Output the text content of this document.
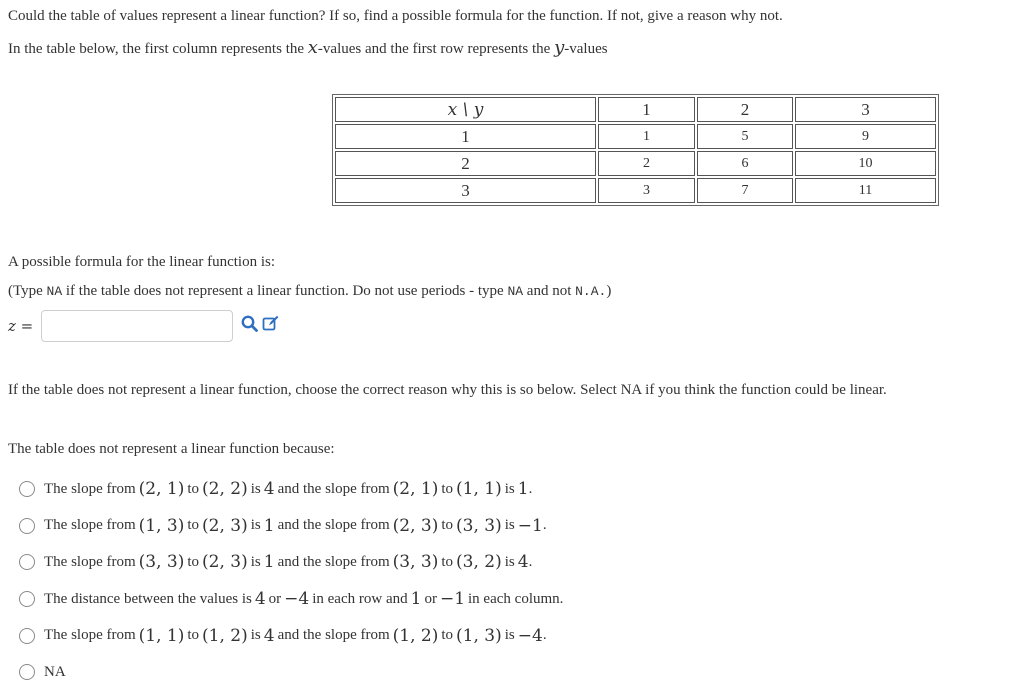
Could the table of values represent a linear function? If so, find a possible formula for the function. If not, give a reason why not.
In the table below, the first column represents the x-values and the first row represents the y-values
x \ y	1	2	3
1	1	5	9
2	2	6	10
3	3	7	11
A possible formula for the linear function is:
(Type NA if the table does not represent a linear function. Do not use periods - type NA and not N.A.)
z =
If the table does not represent a linear function, choose the correct reason why this is so below. Select NA if you think the function could be linear.
The table does not represent a linear function because:
The slope from (2, 1) to (2, 2) is 4 and the slope from (2, 1) to (1, 1) is 1 .
The slope from (1, 3) to (2, 3) is 1 and the slope from (2, 3) to (3, 3) is −1 .
The slope from (3, 3) to (2, 3) is 1 and the slope from (3, 3) to (3, 2) is 4 .
The distance between the values is 4 or −4 in each row and 1 or −1 in each column.
The slope from (1, 1) to (1, 2) is 4 and the slope from (1, 2) to (1, 3) is −4 .
NA
